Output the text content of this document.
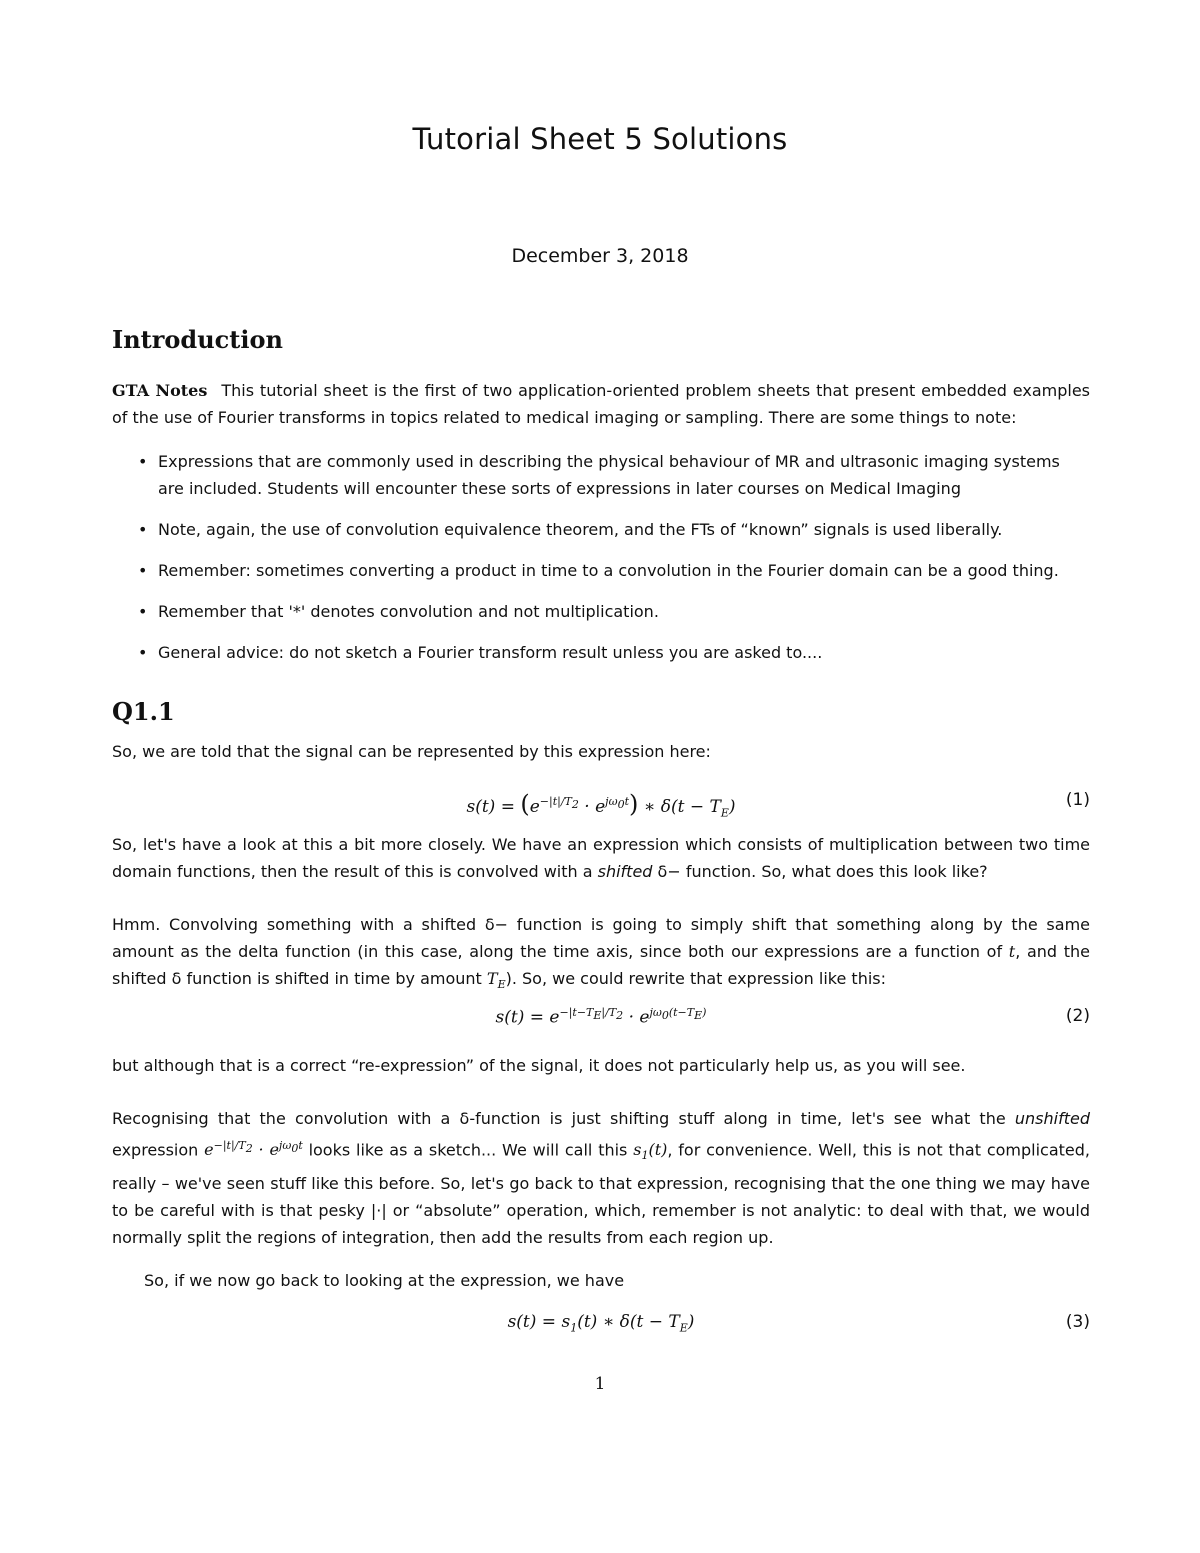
Tutorial Sheet 5 Solutions
December 3, 2018
Introduction

GTA Notes This tutorial sheet is the first of two application-oriented problem sheets that present embedded examples of the use of Fourier transforms in topics related to medical imaging or sampling. There are some things to note:

• Expressions that are commonly used in describing the physical behaviour of MR and ultrasonic imaging systems are included. Students will encounter these sorts of expressions in later courses on Medical Imaging
• Note, again, the use of convolution equivalence theorem, and the FTs of “known” signals is used liberally.
• Remember: sometimes converting a product in time to a convolution in the Fourier domain can be a good thing.
• Remember that '*' denotes convolution and not multiplication.
• General advice: do not sketch a Fourier transform result unless you are asked to....
Q1.1

So, we are told that the signal can be represented by this expression here:

$s(t) = (e^{-|t|/T_2} \cdot e^{j\omega_0t})$ ∗ $\delta(t - T_E)$	(1)

So, let's have a look at this a bit more closely. We have an expression which consists of multiplication between two time domain functions, then the result of this is convolved with a shifted δ− function. So, what does this look like?

Hmm. Convolving something with a shifted δ− function is going to simply shift that something along by the same amount as the delta function (in this case, along the time axis, since both our expressions are a function of t, and the shifted δ function is shifted in time by amount $T_E$). So, we could rewrite that expression like this:

$s(t) = e^{-|t-T_E|/T_2} \cdot e^{j\omega_0(t-T_E)}$	(2)

but although that is a correct “re-expression” of the signal, it does not particularly help us, as you will see.

Recognising that the convolution with a δ-function is just shifting stuff along in time, let's see what the unshifted expression $e^{-|t|/T_2} \cdot e^{j\omega_0t}$ looks like as a sketch... We will call this $s_1(t)$, for convenience. Well, this is not that complicated, really – we've seen stuff like this before. So, let's go back to that expression, recognising that the one thing we may have to be careful with is that pesky |·| or “absolute” operation, which, remember is not analytic: to deal with that, we would normally split the regions of integration, then add the results from each region up.

So, if we now go back to looking at the expression, we have

$s(t) = s_1(t)$ ∗ $\delta(t - T_E)$	(3)
1
